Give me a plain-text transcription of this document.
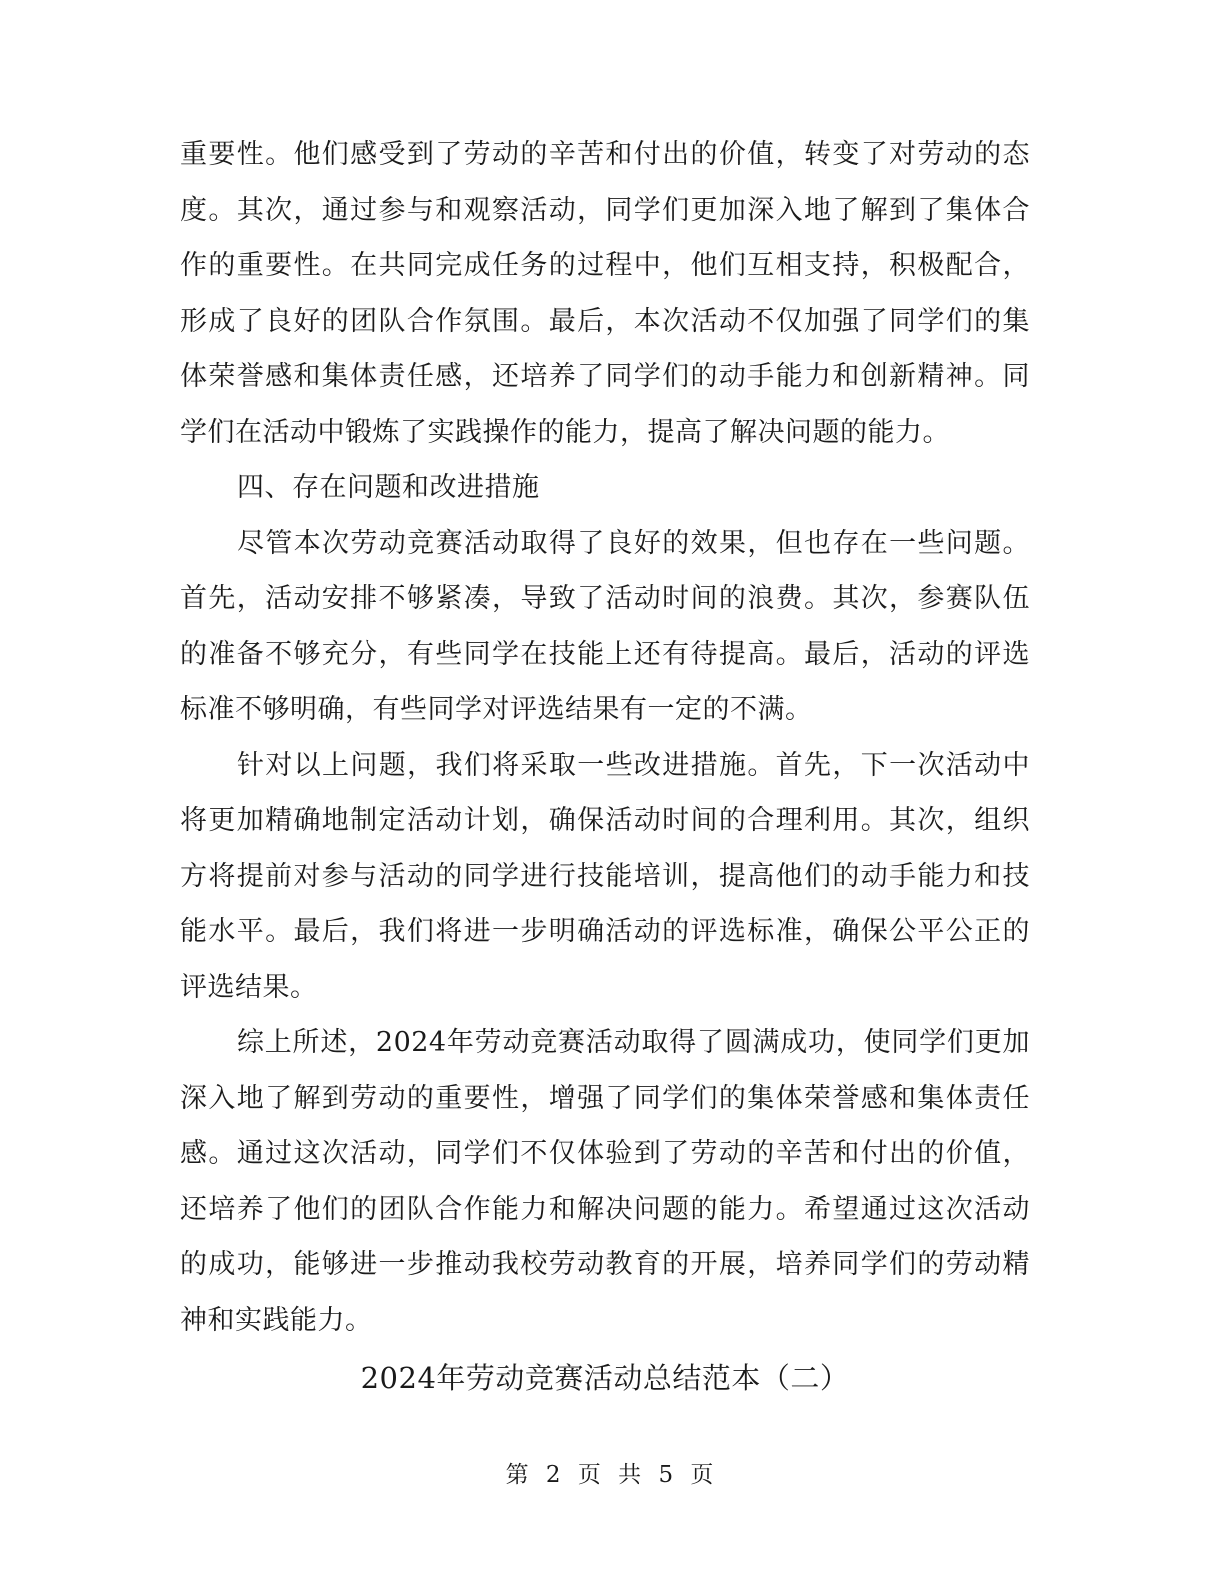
重要性。他们感受到了劳动的辛苦和付出的价值，转变了对劳动的态度。其次，通过参与和观察活动，同学们更加深入地了解到了集体合作的重要性。在共同完成任务的过程中，他们互相支持，积极配合，形成了良好的团队合作氛围。最后，本次活动不仅加强了同学们的集体荣誉感和集体责任感，还培养了同学们的动手能力和创新精神。同学们在活动中锻炼了实践操作的能力，提高了解决问题的能力。

四、存在问题和改进措施

尽管本次劳动竞赛活动取得了良好的效果，但也存在一些问题。首先，活动安排不够紧凑，导致了活动时间的浪费。其次，参赛队伍的准备不够充分，有些同学在技能上还有待提高。最后，活动的评选标准不够明确，有些同学对评选结果有一定的不满。

针对以上问题，我们将采取一些改进措施。首先，下一次活动中将更加精确地制定活动计划，确保活动时间的合理利用。其次，组织方将提前对参与活动的同学进行技能培训，提高他们的动手能力和技能水平。最后，我们将进一步明确活动的评选标准，确保公平公正的评选结果。

综上所述，2024年劳动竞赛活动取得了圆满成功，使同学们更加深入地了解到劳动的重要性，增强了同学们的集体荣誉感和集体责任感。通过这次活动，同学们不仅体验到了劳动的辛苦和付出的价值，还培养了他们的团队合作能力和解决问题的能力。希望通过这次活动的成功，能够进一步推动我校劳动教育的开展，培养同学们的劳动精神和实践能力。

2024年劳动竞赛活动总结范本（二）

第 2 页 共 5 页
